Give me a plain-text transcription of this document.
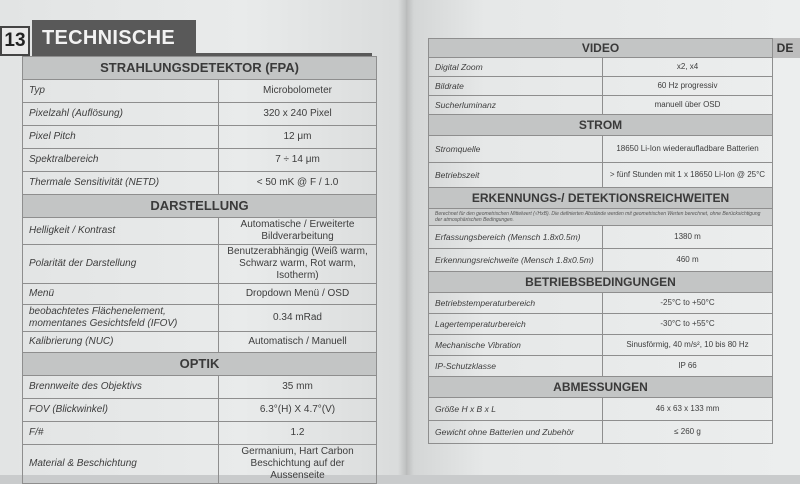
13 TECHNISCHE
STRAHLUNGSDETEKTOR (FPA)	
Typ	Microbolometer
Pixelzahl (Auflösung)	320 x 240 Pixel
Pixel Pitch	12 μm
Spektralbereich	7 ÷ 14 μm
Thermale Sensitivität (NETD)	< 50 mK @ F / 1.0
DARSTELLUNG	
Helligkeit / Kontrast	Automatische / Erweiterte Bildverarbeitung
Polarität der Darstellung	Benutzerabhängig (Weiß warm, Schwarz warm, Rot warm, Isotherm)
Menü	Dropdown Menü / OSD
beobachtetes Flächenelement, momentanes Gesichtsfeld (IFOV)	0.34 mRad
Kalibrierung (NUC)	Automatisch / Manuell
OPTIK	
Brennweite des Objektivs	35 mm
FOV (Blickwinkel)	6.3°(H) X 4.7°(V)
F/#	1.2
Material & Beschichtung	Germanium, Hart Carbon Beschichtung auf der Aussenseite
DE
VIDEO	
Digital Zoom	x2, x4
Bildrate	60 Hz progressiv
Sucherluminanz	manuell über OSD
STROM	
Stromquelle	18650 Li-Ion wiederaufladbare Batterien
Betriebszeit	> fünf Stunden mit 1 x 18650 Li-Ion @ 25°C
ERKENNUNGS-/ DETEKTIONSREICHWEITEN	
Berechnet für den geometrischen Mittelwert (√HxB). Die definierten Abstände werden mit geometrischen Werten berechnet, ohne Berücksichtigung der atmosphärischen Bedingungen.	
Erfassungsbereich (Mensch 1.8x0.5m)	1380 m
Erkennungsreichweite (Mensch 1.8x0.5m)	460 m
BETRIEBSBEDINGUNGEN	
Betriebstemperaturbereich	-25°C to +50°C
Lagertemperaturbereich	-30°C to +55°C
Mechanische Vibration	Sinusförmig, 40 m/s², 10 bis 80 Hz
IP-Schutzklasse	IP 66
ABMESSUNGEN	
Größe H x B x L	46 x 63 x 133 mm
Gewicht ohne Batterien und Zubehör	≤ 260 g
